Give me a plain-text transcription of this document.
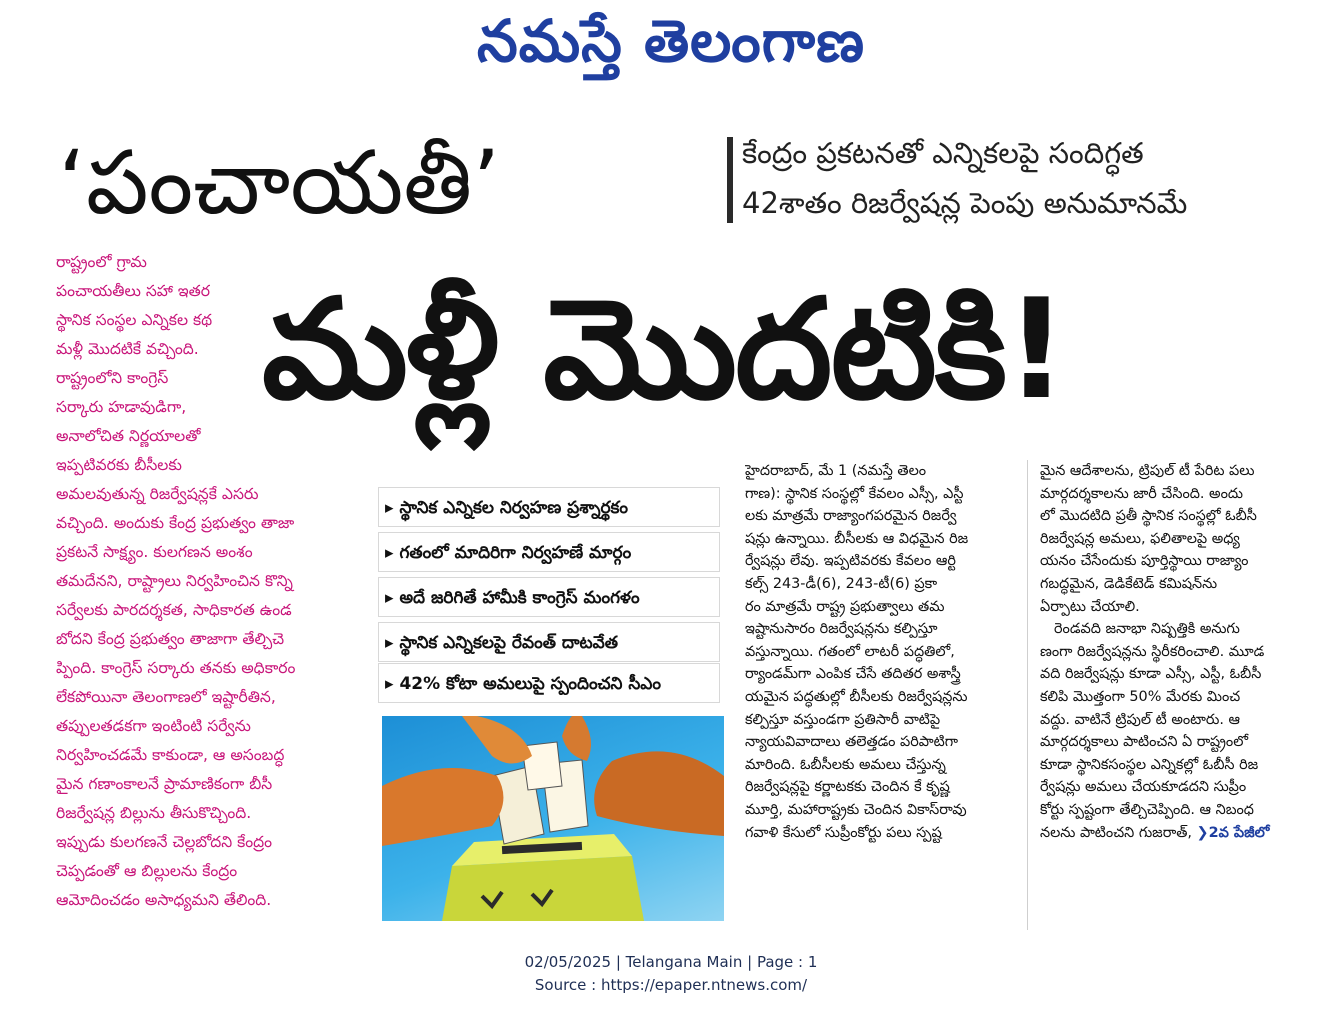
నమస్తే తెలంగాణ
‘పంచాయతీ’	కేంద్రం ప్రకటనతో ఎన్నికలపై సందిగ్ధత
42శాతం రిజర్వేషన్ల పెంపు అనుమానమే
మళ్లీ మొదటికి!
రాష్ట్రంలో గ్రామ
పంచాయతీలు సహా ఇతర
స్థానిక సంస్థల ఎన్నికల కథ
మళ్లీ మొదటికే వచ్చింది.
రాష్ట్రంలోని కాంగ్రెస్
సర్కారు హడావుడిగా,
అనాలోచిత నిర్ణయాలతో
ఇప్పటివరకు బీసీలకు
అమలవుతున్న రిజర్వేషన్లకే ఎసరు
వచ్చింది. అందుకు కేంద్ర ప్రభుత్వం తాజా
ప్రకటనే సాక్ష్యం. కులగణన అంశం
తమదేనని, రాష్ట్రాలు నిర్వహించిన కొన్ని
సర్వేలకు పారదర్శకత, సాధికారత ఉండ
బోదని కేంద్ర ప్రభుత్వం తాజాగా తేల్చిచె
ప్పింది. కాంగ్రెస్ సర్కారు తనకు అధికారం
లేకపోయినా తెలంగాణలో ఇష్టారీతిన,
తప్పులతడకగా ఇంటింటి సర్వేను
నిర్వహించడమే కాకుండా, ఆ అసంబద్ధ
మైన గణాంకాలనే ప్రామాణికంగా బీసీ
రిజర్వేషన్ల బిల్లును తీసుకొచ్చింది.
ఇప్పుడు కులగణనే చెల్లబోదని కేంద్రం
చెప్పడంతో ఆ బిల్లులను కేంద్రం
ఆమోదించడం అసాధ్యమని తేలింది.
▸ స్థానిక ఎన్నికల నిర్వహణ ప్రశ్నార్థకం
▸ గతంలో మాదిరిగా నిర్వహణే మార్గం
▸ అదే జరిగితే హామీకి కాంగ్రెస్ మంగళం
▸ స్థానిక ఎన్నికలపై రేవంత్ దాటవేత
▸ 42% కోటా అమలుపై స్పందించని సీఎం
హైదరాబాద్, మే 1 (నమస్తే తెలం
గాణ): స్థానిక సంస్థల్లో కేవలం ఎస్సీ, ఎస్టీ
లకు మాత్రమే రాజ్యాంగపరమైన రిజర్వే
షన్లు ఉన్నాయి. బీసీలకు ఆ విధమైన రిజ
ర్వేషన్లు లేవు. ఇప్పటివరకు కేవలం ఆర్టి
కల్స్ 243-డీ(6), 243-టీ(6) ప్రకా
రం మాత్రమే రాష్ట్ర ప్రభుత్వాలు తమ
ఇష్టానుసారం రిజర్వేషన్లను కల్పిస్తూ
వస్తున్నాయి. గతంలో లాటరీ పద్ధతిలో,
ర్యాండమ్‌గా ఎంపిక చేసే తదితర అశాస్త్రీ
యమైన పద్ధతుల్లో బీసీలకు రిజర్వేషన్లను
కల్పిస్తూ వస్తుండగా ప్రతిసారీ వాటిపై
న్యాయవివాదాలు తలెత్తడం పరిపాటిగా
మారింది. ఓబీసీలకు అమలు చేస్తున్న
రిజర్వేషన్లపై కర్ణాటకకు చెందిన కే కృష్ణ
మూర్తి, మహారాష్ట్రకు చెందిన వికాస్‌రావు
గవాళి కేసులో సుప్రీంకోర్టు పలు స్పష్ట
మైన ఆదేశాలను, ట్రిపుల్ టీ పేరిట పలు
మార్గదర్శకాలను జారీ చేసింది. అందు
లో మొదటిది ప్రతీ స్థానిక సంస్థల్లో ఓబీసీ
రిజర్వేషన్ల అమలు, ఫలితాలపై అధ్య
యనం చేసేందుకు పూర్తిస్థాయి రాజ్యాం
గబద్ధమైన, డెడికేటెడ్ కమిషన్‌ను
ఏర్పాటు చేయాలి.
రెండవది జనాభా నిష్పత్తికి అనుగు
ణంగా రిజర్వేషన్లను స్థిరీకరించాలి. మూడ
వది రిజర్వేషన్లు కూడా ఎస్సీ, ఎస్టీ, ఓబీసీ
కలిపి మొత్తంగా 50% మేరకు మించ
వద్దు. వాటినే ట్రిపుల్ టీ అంటారు. ఆ
మార్గదర్శకాలు పాటించని ఏ రాష్ట్రంలో
కూడా స్థానికసంస్థల ఎన్నికల్లో ఓబీసీ రిజ
ర్వేషన్లు అమలు చేయకూడదని సుప్రీం
కోర్టు స్పష్టంగా తేల్చిచెప్పింది. ఆ నిబంధ
నలను పాటించని గుజరాత్, ❯2వ పేజీలో
02/05/2025 | Telangana Main | Page : 1
Source : https://epaper.ntnews.com/
